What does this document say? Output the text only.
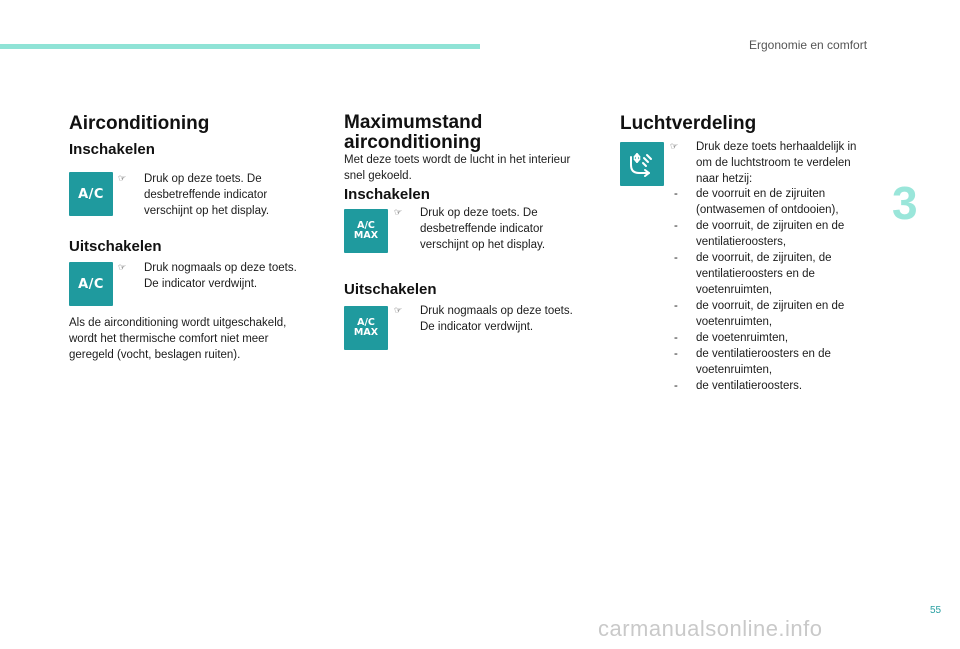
Ergonomie en comfort
Airconditioning
Inschakelen
A/C
☞	Druk op deze toets. De desbetreffende indicator verschijnt op het display.
Uitschakelen
A/C
☞	Druk nogmaals op deze toets. De indicator verdwijnt.
Als de airconditioning wordt uitgeschakeld, wordt het thermische comfort niet meer geregeld (vocht, beslagen ruiten).
Maximumstand
airconditioning
Met deze toets wordt de lucht in het interieur snel gekoeld.
Inschakelen
A/C
MAX
☞	Druk op deze toets. De desbetreffende indicator verschijnt op het display.
Uitschakelen
A/C
MAX
☞	Druk nogmaals op deze toets. De indicator verdwijnt.
Luchtverdeling
☞	Druk deze toets herhaaldelijk in om de luchtstroom te verdelen naar hetzij:
- de voorruit en de zijruiten (ontwasemen of ontdooien),
- de voorruit, de zijruiten en de ventilatieroosters,
- de voorruit, de zijruiten, de ventilatieroosters en de voetenruimten,
- de voorruit, de zijruiten en de voetenruimten,
- de voetenruimten,
- de ventilatieroosters en de voetenruimten,
- de ventilatieroosters.
3
55
carmanualsonline.info
